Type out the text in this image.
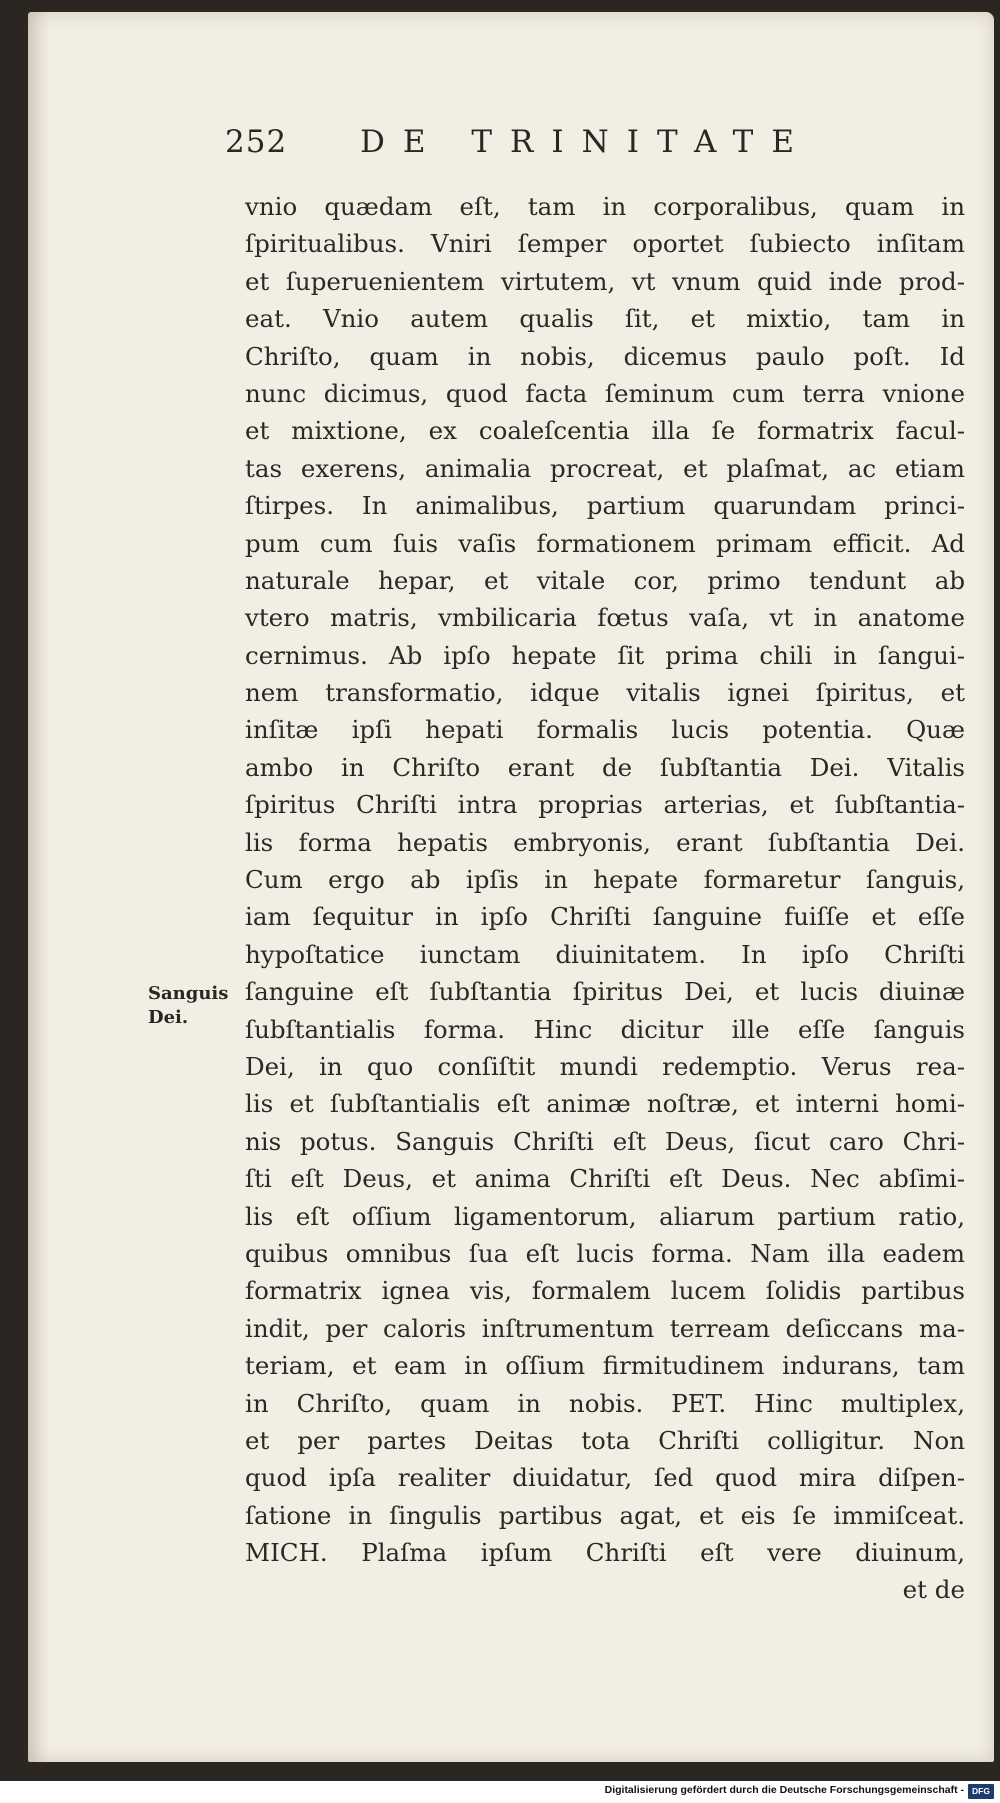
252 DE TRINITATE
Sanguis
Dei.
vnio quædam eſt, tam in corporalibus, quam in
ſpiritualibus. Vniri ſemper oportet ſubiecto inſitam
et ſuperuenientem virtutem, vt vnum quid inde prod-
eat. Vnio autem qualis ſit, et mixtio, tam in
Chriſto, quam in nobis, dicemus paulo poſt. Id
nunc dicimus, quod facta ſeminum cum terra vnione
et mixtione, ex coaleſcentia illa ſe formatrix facul-
tas exerens, animalia procreat, et plaſmat, ac etiam
ſtirpes. In animalibus, partium quarundam princi-
pum cum ſuis vaſis formationem primam efficit. Ad
naturale hepar, et vitale cor, primo tendunt ab
vtero matris, vmbilicaria fœtus vaſa, vt in anatome
cernimus. Ab ipſo hepate ſit prima chili in ſangui-
nem transformatio, idque vitalis ignei ſpiritus, et
inſitæ ipſi hepati formalis lucis potentia. Quæ
ambo in Chriſto erant de ſubſtantia Dei. Vitalis
ſpiritus Chriſti intra proprias arterias, et ſubſtantia-
lis forma hepatis embryonis, erant ſubſtantia Dei.
Cum ergo ab ipſis in hepate formaretur ſanguis,
iam ſequitur in ipſo Chriſti ſanguine fuiſſe et eſſe
hypoſtatice iunctam diuinitatem. In ipſo Chriſti
ſanguine eſt ſubſtantia ſpiritus Dei, et lucis diuinæ
ſubſtantialis forma. Hinc dicitur ille eſſe ſanguis
Dei, in quo conſiſtit mundi redemptio. Verus rea-
lis et ſubſtantialis eſt animæ noſtræ, et interni homi-
nis potus. Sanguis Chriſti eſt Deus, ſicut caro Chri-
ſti eſt Deus, et anima Chriſti eſt Deus. Nec abſimi-
lis eſt oſſium ligamentorum, aliarum partium ratio,
quibus omnibus ſua eſt lucis forma. Nam illa eadem
formatrix ignea vis, formalem lucem ſolidis partibus
indit, per caloris inſtrumentum terream deſiccans ma-
teriam, et eam in oſſium firmitudinem indurans, tam
in Chriſto, quam in nobis. PET. Hinc multiplex,
et per partes Deitas tota Chriſti colligitur. Non
quod ipſa realiter diuidatur, ſed quod mira diſpen-
ſatione in ſingulis partibus agat, et eis ſe immiſceat.
MICH. Plaſma ipſum Chriſti eſt vere diuinum,
et de
Digitalisierung gefördert durch die Deutsche Forschungsgemeinschaft - DFG
